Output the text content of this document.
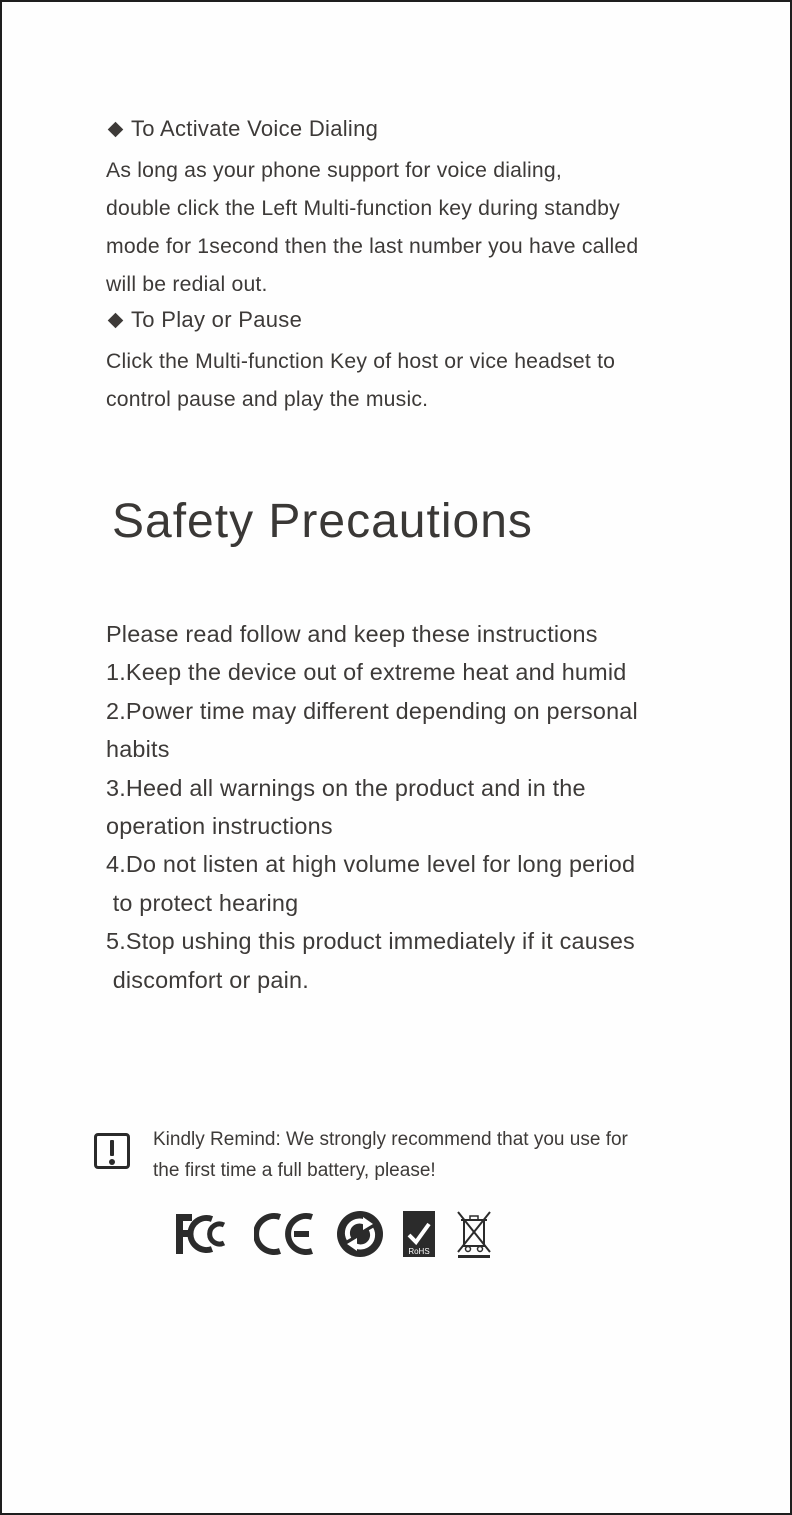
To Activate Voice Dialing

As long as your phone support for voice dialing,
double click the Left Multi-function key during standby
mode for 1second then the last number you have called
will be redial out.

To Play or Pause

Click the Multi-function Key of host or vice headset to
control pause and play the music.

Safety Precautions
Please read follow and keep these instructions
1.Keep the device out of extreme heat and humid
2.Power time may different depending on personal
habits
3.Heed all warnings on the product and in the
operation instructions
4.Do not listen at high volume level for long period
to protect hearing
5.Stop ushing this product immediately if it causes
discomfort or pain.

Kindly Remind: We strongly recommend that you use for
the first time a full battery, please!

RoHS
